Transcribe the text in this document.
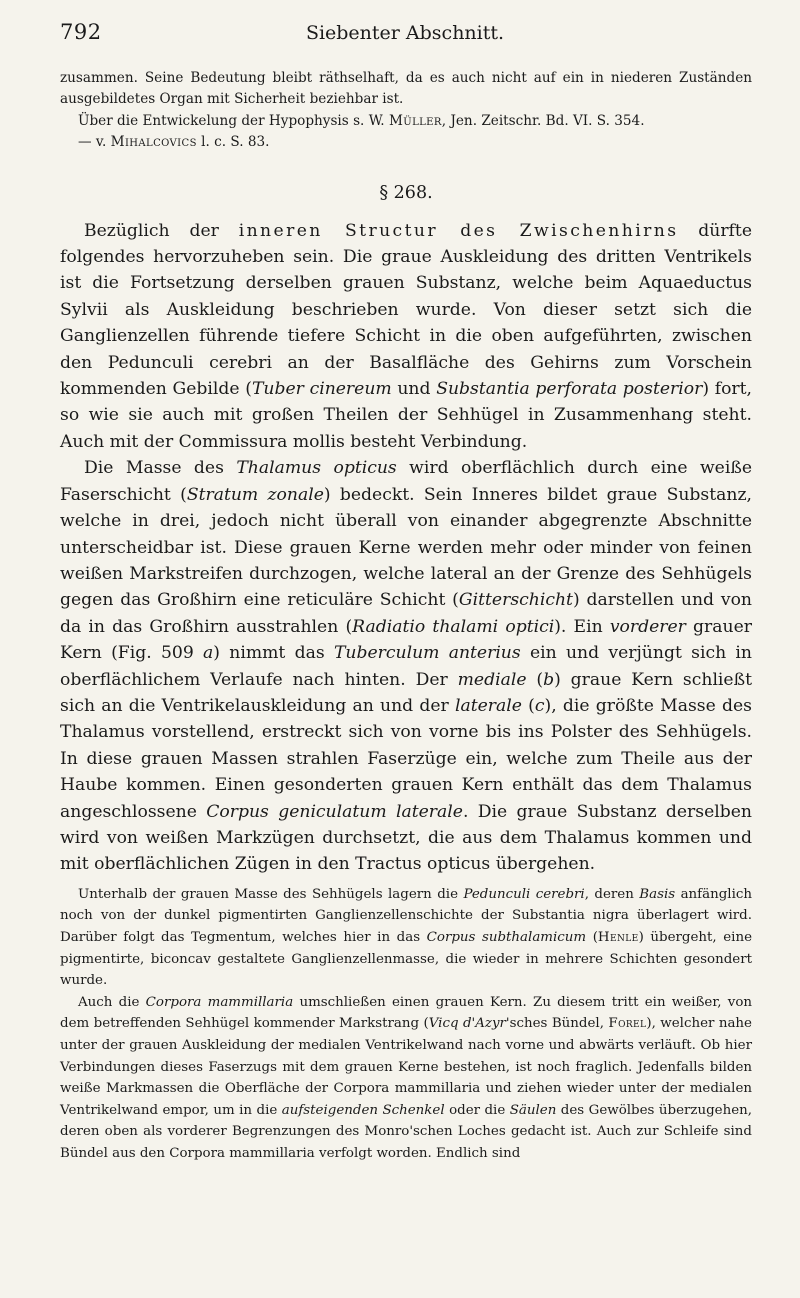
792	Siebenter Abschnitt.

zusammen. Seine Bedeutung bleibt räthselhaft, da es auch nicht auf ein in niederen Zuständen ausgebildetes Organ mit Sicherheit beziehbar ist.

Über die Entwickelung der Hypophysis s. W. Müller, Jen. Zeitschr. Bd. VI. S. 354.

— v. Mihalcovics l. c. S. 83.

§ 268.

Bezüglich der inneren Structur des Zwischenhirns dürfte folgendes hervorzuheben sein. Die graue Auskleidung des dritten Ventrikels ist die Fortsetzung derselben grauen Substanz, welche beim Aquaeductus Sylvii als Auskleidung beschrieben wurde. Von dieser setzt sich die Ganglienzellen führende tiefere Schicht in die oben aufgeführten, zwischen den Pedunculi cerebri an der Basalfläche des Gehirns zum Vorschein kommenden Gebilde (Tuber cinereum und Substantia perforata posterior) fort, so wie sie auch mit großen Theilen der Sehhügel in Zusammenhang steht. Auch mit der Commissura mollis besteht Verbindung.

Die Masse des Thalamus opticus wird oberflächlich durch eine weiße Faserschicht (Stratum zonale) bedeckt. Sein Inneres bildet graue Substanz, welche in drei, jedoch nicht überall von einander abgegrenzte Abschnitte unterscheidbar ist. Diese grauen Kerne werden mehr oder minder von feinen weißen Markstreifen durchzogen, welche lateral an der Grenze des Sehhügels gegen das Großhirn eine reticuläre Schicht (Gitterschicht) darstellen und von da in das Großhirn ausstrahlen (Radiatio thalami optici). Ein vorderer grauer Kern (Fig. 509 a) nimmt das Tuberculum anterius ein und verjüngt sich in oberflächlichem Verlaufe nach hinten. Der mediale (b) graue Kern schließt sich an die Ventrikelauskleidung an und der laterale (c), die größte Masse des Thalamus vorstellend, erstreckt sich von vorne bis ins Polster des Sehhügels. In diese grauen Massen strahlen Faserzüge ein, welche zum Theile aus der Haube kommen. Einen gesonderten grauen Kern enthält das dem Thalamus angeschlossene Corpus geniculatum laterale. Die graue Substanz derselben wird von weißen Markzügen durchsetzt, die aus dem Thalamus kommen und mit oberflächlichen Zügen in den Tractus opticus übergehen.

Unterhalb der grauen Masse des Sehhügels lagern die Pedunculi cerebri, deren Basis anfänglich noch von der dunkel pigmentirten Ganglienzellenschichte der Substantia nigra überlagert wird. Darüber folgt das Tegmentum, welches hier in das Corpus subthalamicum (Henle) übergeht, eine pigmentirte, biconcav gestaltete Ganglienzellenmasse, die wieder in mehrere Schichten gesondert wurde.

Auch die Corpora mammillaria umschließen einen grauen Kern. Zu diesem tritt ein weißer, von dem betreffenden Sehhügel kommender Markstrang (Vicq d'Azyr'sches Bündel, Forel), welcher nahe unter der grauen Auskleidung der medialen Ventrikelwand nach vorne und abwärts verläuft. Ob hier Verbindungen dieses Faserzugs mit dem grauen Kerne bestehen, ist noch fraglich. Jedenfalls bilden weiße Markmassen die Oberfläche der Corpora mammillaria und ziehen wieder unter der medialen Ventrikelwand empor, um in die aufsteigenden Schenkel oder die Säulen des Gewölbes überzugehen, deren oben als vorderer Begrenzungen des Monro'schen Loches gedacht ist. Auch zur Schleife sind Bündel aus den Corpora mammillaria verfolgt worden. Endlich sind
